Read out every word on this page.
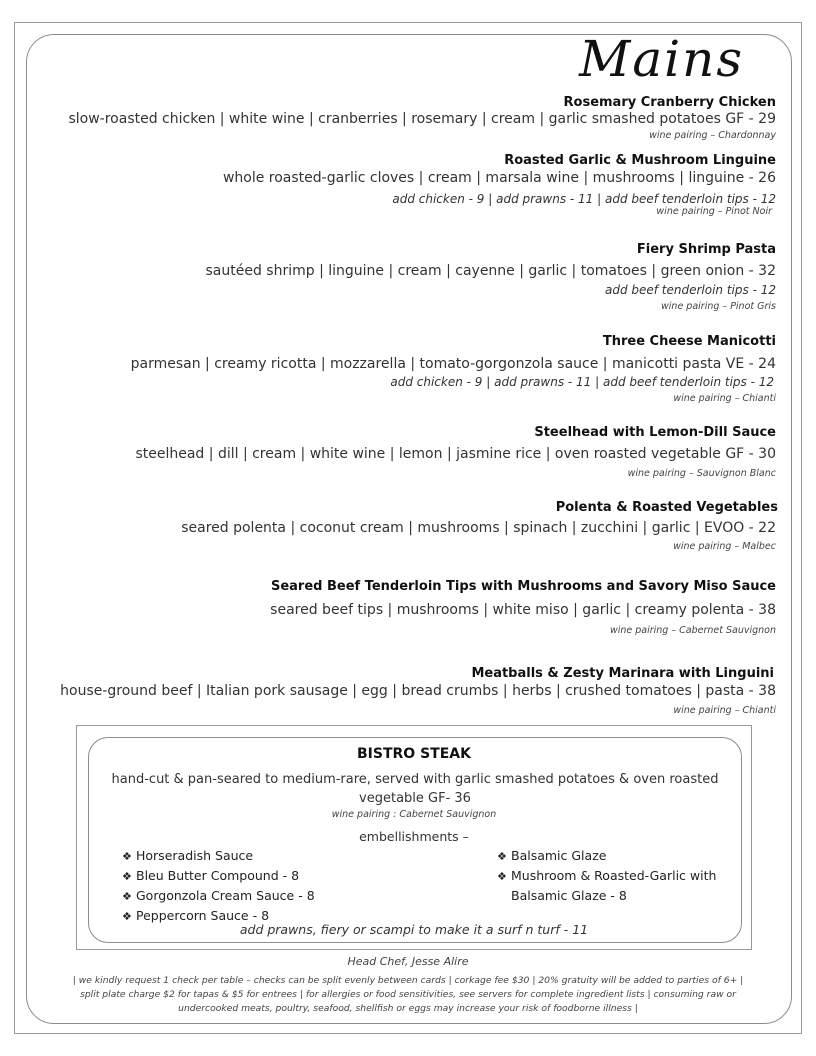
Mains

Rosemary Cranberry Chicken

slow-roasted chicken | white wine | cranberries | rosemary | cream | garlic smashed potatoes GF - 29

wine pairing – Chardonnay

Roasted Garlic & Mushroom Linguine

whole roasted-garlic cloves | cream | marsala wine | mushrooms | linguine - 26

add chicken - 9 | add prawns - 11 | add beef tenderloin tips - 12

wine pairing – Pinot Noir

Fiery Shrimp Pasta

sautéed shrimp | linguine | cream | cayenne | garlic | tomatoes | green onion - 32

add beef tenderloin tips - 12

wine pairing – Pinot Gris

Three Cheese Manicotti

parmesan | creamy ricotta | mozzarella | tomato-gorgonzola sauce | manicotti pasta VE - 24

add chicken - 9 | add prawns - 11 | add beef tenderloin tips - 12

wine pairing – Chianti

Steelhead with Lemon-Dill Sauce

steelhead | dill | cream | white wine | lemon | jasmine rice | oven roasted vegetable GF - 30

wine pairing – Sauvignon Blanc

Polenta & Roasted Vegetables

seared polenta | coconut cream | mushrooms | spinach | zucchini | garlic | EVOO - 22

wine pairing – Malbec

Seared Beef Tenderloin Tips with Mushrooms and Savory Miso Sauce

seared beef tips | mushrooms | white miso | garlic | creamy polenta - 38

wine pairing – Cabernet Sauvignon

Meatballs & Zesty Marinara with Linguini

house-ground beef | Italian pork sausage | egg | bread crumbs | herbs | crushed tomatoes | pasta - 38

wine pairing – Chianti

BISTRO STEAK
hand-cut & pan-seared to medium-rare, served with garlic smashed potatoes & oven roasted vegetable GF- 36
wine pairing : Cabernet Sauvignon
embellishments –
❖ Horseradish Sauce
❖ Bleu Butter Compound - 8
❖ Gorgonzola Cream Sauce - 8
❖ Peppercorn Sauce - 8
❖ Balsamic Glaze
❖ Mushroom & Roasted-Garlic with
Balsamic Glaze - 8
add prawns, fiery or scampi to make it a surf n turf - 11
Head Chef, Jesse Alire
| we kindly request 1 check per table – checks can be split evenly between cards | corkage fee $30 | 20% gratuity will be added to parties of 6+ | split plate charge $2 for tapas & $5 for entrees | for allergies or food sensitivities, see servers for complete ingredient lists | consuming raw or undercooked meats, poultry, seafood, shellfish or eggs may increase your risk of foodborne illness |
